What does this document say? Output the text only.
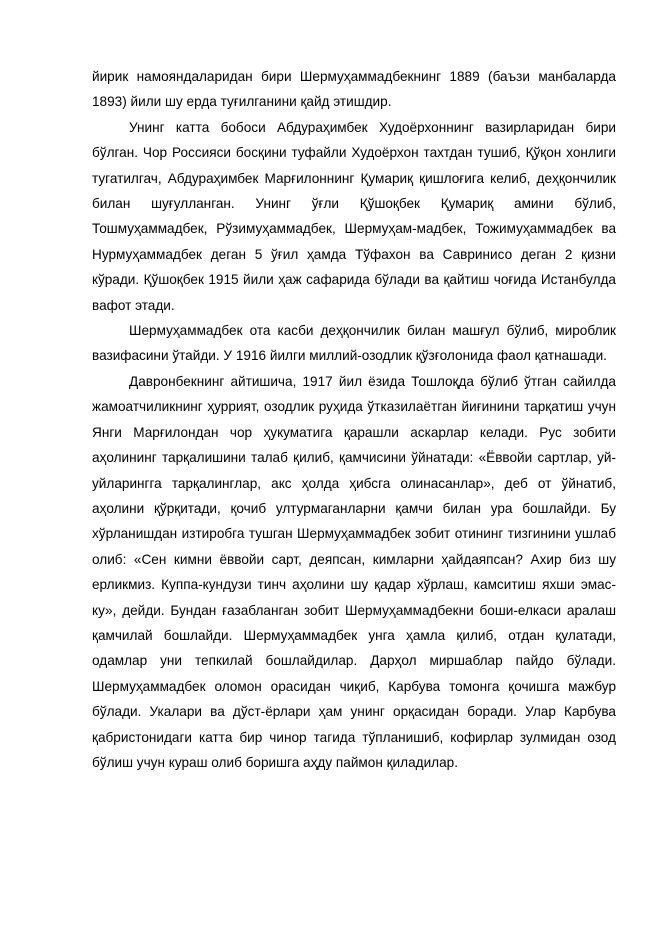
йирик намояндаларидан бири Шермуҳаммадбекнинг 1889 (баъзи манбаларда 1893) йили шу ерда туғилганини қайд этишдир.

Унинг катта бобоси Абдураҳимбек Худоёрхоннинг вазирларидан бири бўлган. Чор Россияси босқини туфайли Худоёрхон тахтдан тушиб, Қўқон хонлиги тугатилгач, Абдураҳимбек Марғилоннинг Қумариқ қишлоғига келиб, деҳқончилик билан шуғулланган. Унинг ўғли Қўшоқбек Қумариқ амини бўлиб, Тошмуҳаммадбек, Рўзимуҳаммадбек, Шермуҳам-мадбек, Тожимуҳаммадбек ва Нурмуҳаммадбек деган 5 ўғил ҳамда Тўфахон ва Савринисо деган 2 қизни кўради. Қўшоқбек 1915 йили ҳаж сафарида бўлади ва қайтиш чоғида Истанбулда вафот этади.

Шермуҳаммадбек ота касби деҳқончилик билан машғул бўлиб, мироблик вазифасини ўтайди. У 1916 йилги миллий-озодлик қўзғолонида фаол қатнашади.

Давронбекнинг айтишича, 1917 йил ёзида Тошлоқда бўлиб ўтган сайилда жамоатчиликнинг ҳуррият, озодлик руҳида ўтказилаётган йиғинини тарқатиш учун Янги Марғилондан чор ҳукуматига қарашли аскарлар келади. Рус зобити аҳолининг тарқалишини талаб қилиб, қамчисини ўйнатади: «Ёввойи сартлар, уй-уйларингга тарқалинглар, акс ҳолда ҳибсга олинасанлар», деб от ўйнатиб, аҳолини қўрқитади, қочиб ултурмаганларни қамчи билан ура бошлайди. Бу хўрланишдан изтиробга тушган Шермуҳаммадбек зобит отининг тизгинини ушлаб олиб: «Сен кимни ёввойи сарт, деяпсан, кимларни ҳайдаяпсан? Ахир биз шу ерликмиз. Куппа-кундузи тинч аҳолини шу қадар хўрлаш, камситиш яхши эмас-ку», дейди. Бундан ғазабланган зобит Шермуҳаммадбекни боши-елкаси аралаш қамчилай бошлайди. Шермуҳаммадбек унга ҳамла қилиб, отдан қулатади, одамлар уни тепкилай бошлайдилар. Дарҳол миршаблар пайдо бўлади. Шермуҳаммадбек оломон орасидан чиқиб, Карбува томонга қочишга мажбур бўлади. Укалари ва дўст-ёрлари ҳам унинг орқасидан боради. Улар Карбува қабристонидаги катта бир чинор тагида тўпланишиб, кофирлар зулмидан озод бўлиш учун кураш олиб боришга аҳду паймон қиладилар.
